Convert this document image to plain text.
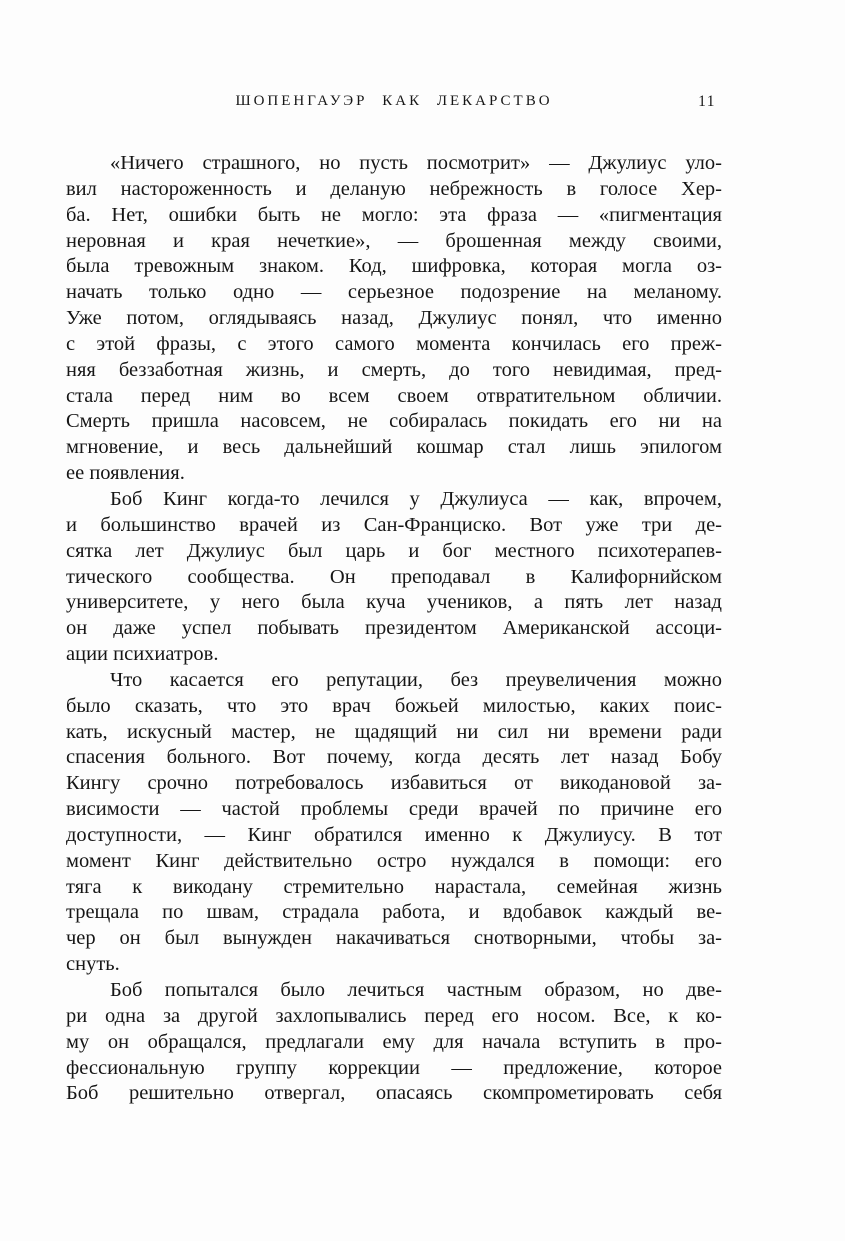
ШОПЕНГАУЭР КАК ЛЕКАРСТВО	11

«Ничего страшного, но пусть посмотрит» — Джулиус уло-
вил настороженность и деланую небрежность в голосе Хер-
ба. Нет, ошибки быть не могло: эта фраза — «пигментация
неровная и края нечеткие», — брошенная между своими,
была тревожным знаком. Код, шифровка, которая могла оз-
начать только одно — серьезное подозрение на меланому.
Уже потом, оглядываясь назад, Джулиус понял, что именно
с этой фразы, с этого самого момента кончилась его преж-
няя беззаботная жизнь, и смерть, до того невидимая, пред-
стала перед ним во всем своем отвратительном обличии.
Смерть пришла насовсем, не собиралась покидать его ни на
мгновение, и весь дальнейший кошмар стал лишь эпилогом
ее появления.

Боб Кинг когда-то лечился у Джулиуса — как, впрочем,
и большинство врачей из Сан-Франциско. Вот уже три де-
сятка лет Джулиус был царь и бог местного психотерапев-
тического сообщества. Он преподавал в Калифорнийском
университете, у него была куча учеников, а пять лет назад
он даже успел побывать президентом Американской ассоци-
ации психиатров.

Что касается его репутации, без преувеличения можно
было сказать, что это врач божьей милостью, каких поис-
кать, искусный мастер, не щадящий ни сил ни времени ради
спасения больного. Вот почему, когда десять лет назад Бобу
Кингу срочно потребовалось избавиться от викодановой за-
висимости — частой проблемы среди врачей по причине его
доступности, — Кинг обратился именно к Джулиусу. В тот
момент Кинг действительно остро нуждался в помощи: его
тяга к викодану стремительно нарастала, семейная жизнь
трещала по швам, страдала работа, и вдобавок каждый ве-
чер он был вынужден накачиваться снотворными, чтобы за-
снуть.

Боб попытался было лечиться частным образом, но две-
ри одна за другой захлопывались перед его носом. Все, к ко-
му он обращался, предлагали ему для начала вступить в про-
фессиональную группу коррекции — предложение, которое
Боб решительно отвергал, опасаясь скомпрометировать себя
